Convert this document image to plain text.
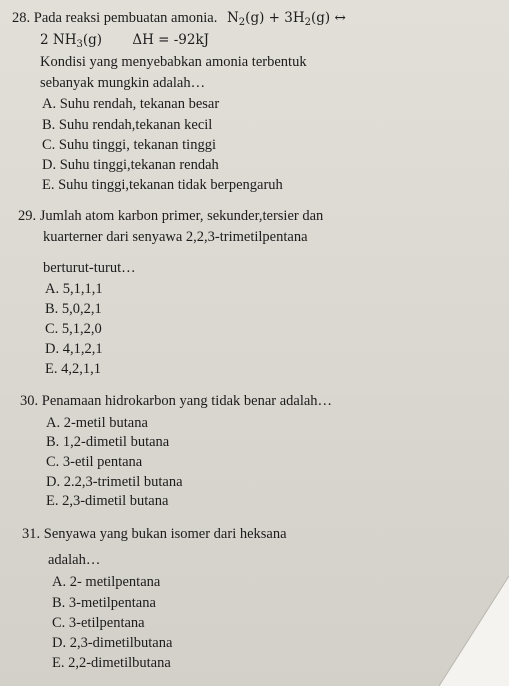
28. Pada reaksi pembuatan amonia. $N_2(g) + 3H_2(g)$ ↔
2 $NH_3(g) \Delta H = -92kJ$
Kondisi yang menyebabkan amonia terbentuk
sebanyak mungkin adalah…
A. Suhu rendah, tekanan besar
B. Suhu rendah,tekanan kecil
C. Suhu tinggi, tekanan tinggi
D. Suhu tinggi,tekanan rendah
E. Suhu tinggi,tekanan tidak berpengaruh
29. Jumlah atom karbon primer, sekunder,tersier dan
kuarterner dari senyawa 2,2,3-trimetilpentana
berturut-turut…
A. 5,1,1,1
B. 5,0,2,1
C. 5,1,2,0
D. 4,1,2,1
E. 4,2,1,1
30. Penamaan hidrokarbon yang tidak benar adalah…
A. 2-metil butana
B. 1,2-dimetil butana
C. 3-etil pentana
D. 2.2,3-trimetil butana
E. 2,3-dimetil butana
31. Senyawa yang bukan isomer dari heksana
adalah…
A. 2- metilpentana
B. 3-metilpentana
C. 3-etilpentana
D. 2,3-dimetilbutana
E. 2,2-dimetilbutana
